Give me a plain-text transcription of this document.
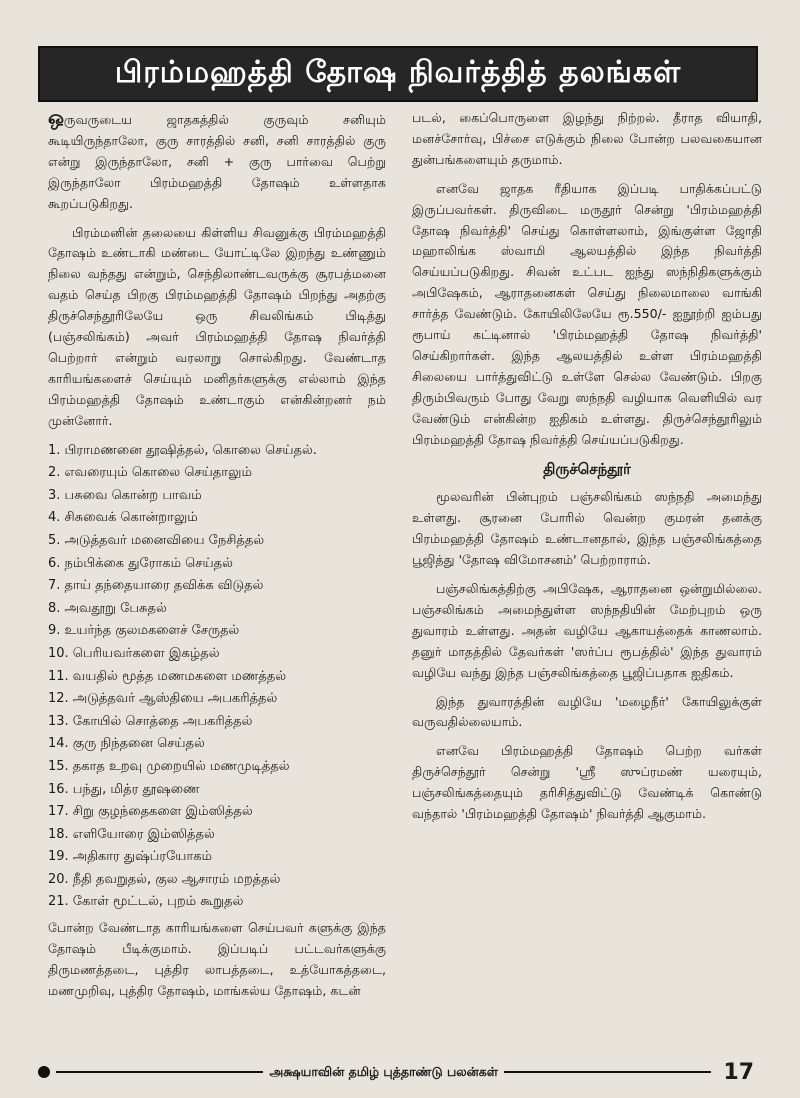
பிரம்மஹத்தி தோஷ நிவர்த்தித் தலங்கள்

ஒருவருடைய ஜாதகத்தில் குருவும் சனியும் கூடியிருந்தாலோ, குரு சாரத்தில் சனி, சனி சாரத்தில் குரு என்று இருந்தாலோ, சனி + குரு பார்வை பெற்று இருந்தாலோ பிரம்மஹத்தி தோஷம் உள்ளதாக கூறப்படுகிறது.

பிரம்மனின் தலையை கிள்ளிய சிவனுக்கு பிரம்மஹத்தி தோஷம் உண்டாகி மண்டை யோட்டிலே இறந்து உண்ணும் நிலை வந்தது என்றும், செந்திலாண்டவருக்கு சூரபத்மனை வதம் செய்த பிறகு பிரம்மஹத்தி தோஷம் பிறந்து அதற்கு திருச்செந்தூரிலேயே ஒரு சிவலிங்கம் பிடித்து (பஞ்சலிங்கம்) அவர் பிரம்மஹத்தி தோஷ நிவர்த்தி பெற்றார் என்றும் வரலாறு சொல்கிறது. வேண்டாத காரியங்களைச் செய்யும் மனிதர்களுக்கு எல்லாம் இந்த பிரம்மஹத்தி தோஷம் உண்டாகும் என்கின்றனர் நம் முன்னோர்.

1. பிராமணனை தூஷித்தல், கொலை செய்தல்.
2. எவரையும் கொலை செய்தாலும்
3. பசுவை கொன்ற பாவம்
4. சிசுவைக் கொன்றாலும்
5. அடுத்தவர் மனைவியை நேசித்தல்
6. நம்பிக்கை துரோகம் செய்தல்
7. தாய் தந்தையாரை தவிக்க விடுதல்
8. அவதூறு பேசுதல்
9. உயர்ந்த குலமகளைச் சேருதல்
10. பெரியவர்களை இகழ்தல்
11. வயதில் மூத்த மணமகளை மணத்தல்
12. அடுத்தவர் ஆஸ்தியை அபகரித்தல்
13. கோயில் சொத்தை அபகரித்தல்
14. குரு நிந்தனை செய்தல்
15. தகாத உறவு முறையில் மணமுடித்தல்
16. பந்து, மித்ர தூஷணை
17. சிறு குழந்தைகளை இம்ஸித்தல்
18. எளியோரை இம்ஸித்தல்
19. அதிகார துஷ்ப்ரயோகம்
20. நீதி தவறுதல், குல ஆசாரம் மறத்தல்
21. கோள் மூட்டல், புறம் கூறுதல்

போன்ற வேண்டாத காரியங்களை செய்பவர் களுக்கு இந்த தோஷம் பீடிக்குமாம். இப்படிப் பட்டவர்களுக்கு திருமணத்தடை, புத்திர லாபத்தடை, உத்யோகத்தடை, மணமுறிவு, புத்திர தோஷம், மாங்கல்ய தோஷம், கடன்

படல், கைப்பொருளை இழந்து நிற்றல். தீராத வியாதி, மனச்சோர்வு, பிச்சை எடுக்கும் நிலை போன்ற பலவகையான துன்பங்களையும் தருமாம்.

எனவே ஜாதக ரீதியாக இப்படி பாதிக்கப்பட்டு இருப்பவர்கள். திருவிடை மருதூர் சென்று 'பிரம்மஹத்தி தோஷ நிவர்த்தி' செய்து கொள்ளலாம், இங்குள்ள ஜோதி மஹாலிங்க ஸ்வாமி ஆலயத்தில் இந்த நிவர்த்தி செய்யப்படுகிறது. சிவன் உட்பட ஐந்து ஸந்நிதிகளுக்கும் அபிஷேகம், ஆராதனைகள் செய்து நிலைமாலை வாங்கி சார்த்த வேண்டும். கோயிலிலேயே ரூ.550/- ஐநூற்றி ஐம்பது ரூபாய் கட்டினால் 'பிரம்மஹத்தி தோஷ நிவர்த்தி' செய்கிறார்கள். இந்த ஆலயத்தில் உள்ள பிரம்மஹத்தி சிலையை பார்த்துவிட்டு உள்ளே செல்ல வேண்டும். பிறகு திரும்பிவரும் போது வேறு ஸந்நதி வழியாக வெளியில் வர வேண்டும் என்கின்ற ஐதிகம் உள்ளது. திருச்செந்தூரிலும் பிரம்மஹத்தி தோஷ நிவர்த்தி செய்யப்படுகிறது.

திருச்செந்தூர்

மூலவரின் பின்புறம் பஞ்சலிங்கம் ஸந்நதி அமைந்து உள்ளது. சூரனை போரில் வென்ற குமரன் தனக்கு பிரம்மஹத்தி தோஷம் உண்டானதால், இந்த பஞ்சலிங்கத்தை பூஜித்து 'தோஷ விமோசனம்' பெற்றாராம்.

பஞ்சலிங்கத்திற்கு அபிஷேக, ஆராதனை ஒன்றுமில்லை. பஞ்சலிங்கம் அமைந்துள்ள ஸந்நதியின் மேற்புறம் ஒரு துவாரம் உள்ளது. அதன் வழியே ஆகாயத்தைக் காணலாம். தனுர் மாதத்தில் தேவர்கள் 'ஸர்ப்ப ரூபத்தில்' இந்த துவாரம் வழியே வந்து இந்த பஞ்சலிங்கத்தை பூஜிப்பதாக ஐதிகம்.

இந்த துவாரத்தின் வழியே 'மழைநீர்' கோயிலுக்குள் வருவதில்லையாம்.

எனவே பிரம்மஹத்தி தோஷம் பெற்ற வர்கள் திருச்செந்தூர் சென்று 'ஸ்ரீ ஸுப்ரமண் யரையும், பஞ்சலிங்கத்தையும் தரிசித்துவிட்டு வேண்டிக் கொண்டு வந்தால் 'பிரம்மஹத்தி தோஷம்' நிவர்த்தி ஆகுமாம்.

அக்ஷயாவின் தமிழ் புத்தாண்டு பலன்கள்	17
